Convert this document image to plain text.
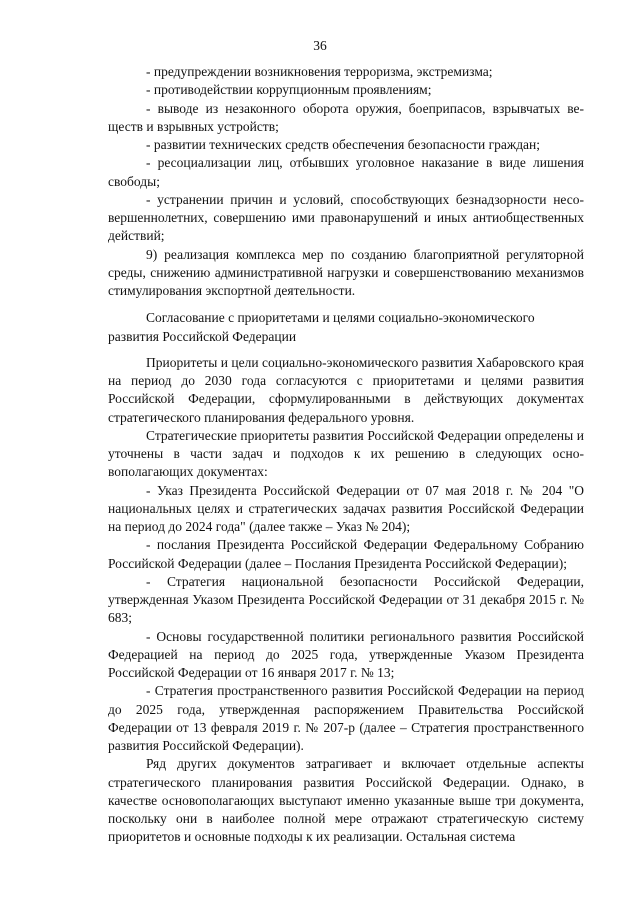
36

- предупреждении возникновения терроризма, экстремизма;

- противодействии коррупционным проявлениям;

- выводе из незаконного оборота оружия, боеприпасов, взрывчатых веществ и взрывных устройств;

- развитии технических средств обеспечения безопасности граждан;

- ресоциализации лиц, отбывших уголовное наказание в виде лишения свободы;

- устранении причин и условий, способствующих безнадзорности несовершеннолетних, совершению ими правонарушений и иных антиобщественных действий;

9) реализация комплекса мер по созданию благоприятной регуляторной среды, снижению административной нагрузки и совершенствованию механизмов стимулирования экспортной деятельности.

Согласование с приоритетами и целями социально-экономического развития Российской Федерации

Приоритеты и цели социально-экономического развития Хабаровского края на период до 2030 года согласуются с приоритетами и целями развития Российской Федерации, сформулированными в действующих документах стратегического планирования федерального уровня.

Стратегические приоритеты развития Российской Федерации определены и уточнены в части задач и подходов к их решению в следующих основополагающих документах:

- Указ Президента Российской Федерации от 07 мая 2018 г. № 204 "О национальных целях и стратегических задачах развития Российской Федерации на период до 2024 года" (далее также – Указ № 204);

- послания Президента Российской Федерации Федеральному Собранию Российской Федерации (далее – Послания Президента Российской Федерации);

- Стратегия национальной безопасности Российской Федерации, утвержденная Указом Президента Российской Федерации от 31 декабря 2015 г. № 683;

- Основы государственной политики регионального развития Российской Федерацией на период до 2025 года, утвержденные Указом Президента Российской Федерации от 16 января 2017 г. № 13;

- Стратегия пространственного развития Российской Федерации на период до 2025 года, утвержденная распоряжением Правительства Российской Федерации от 13 февраля 2019 г. № 207-р (далее – Стратегия пространственного развития Российской Федерации).

Ряд других документов затрагивает и включает отдельные аспекты стратегического планирования развития Российской Федерации. Однако, в качестве основополагающих выступают именно указанные выше три документа, поскольку они в наиболее полной мере отражают стратегическую систему приоритетов и основные подходы к их реализации. Остальная система
